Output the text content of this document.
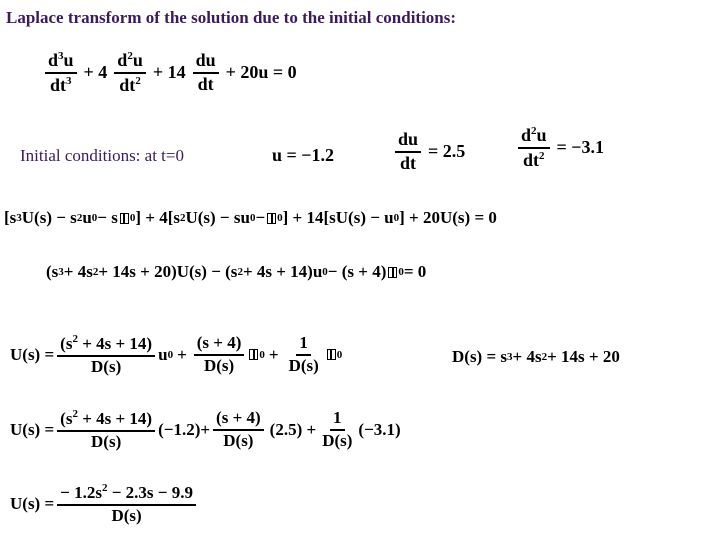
Laplace transform of the solution due to the initial conditions:
$\frac{d^3u}{dt^3} + 4 \frac{d^2u}{dt^2} + 14 \frac{du}{dt} + 20u = 0$
Initial conditions: at t=0	u = −1.2	$\frac{du}{dt} = 2.5$	$\frac{d^2u}{dt^2} = -3.1$
[s 3 U(s) − s 2 u 0 − s 0 ] + 4[s 2 U(s) − su 0 − 0 ] + 14[sU(s) − u 0 ] + 20U(s) = 0
(s 3 + 4s 2 + 14s + 20)U(s) − (s 2 + 4s + 14)u 0 − (s + 4) 0 = 0
$U(s) = \frac{(s^2 + 4s + 14)}{D(s)}$ u $0 + \frac{(s + 4)}{D(s)} 0 + \frac{1}{D(s)} 0$	D(s) = s 3 + 4s 2 + 14s + 20
$U(s) = \frac{(s^2 + 4s + 14)}{D(s)} (-1.2)+ \frac{(s + 4)}{D(s)} (2.5) + \frac{1}{D(s)} (-3.1)$
$U(s) = \frac{- 1.2s^2 - 2.3s - 9.9}{D(s)}$
